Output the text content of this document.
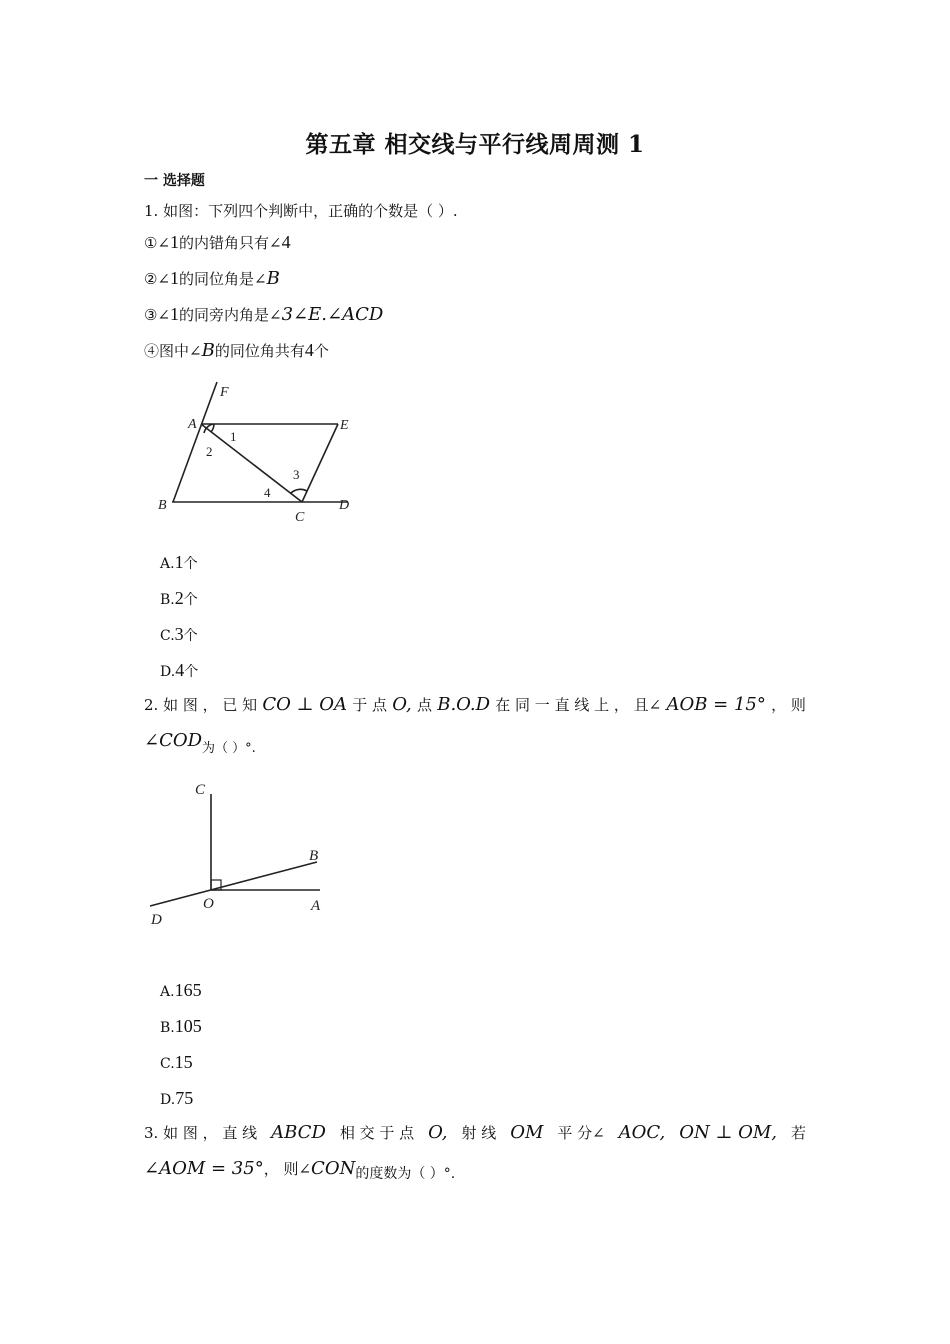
第五章 相交线与平行线周周测 1
一 选择题
1. 如图：下列四个判断中，正确的个数是（ ）.
①∠1的内错角只有∠4
②∠1的同位角是∠B
③∠1的同旁内角是∠3∠E.∠ACD
④图中∠B的同位角共有4个
F
A
1
E
2
3
4
B
C
D
A.1个
B.2个
C.3个
D.4个
2. 如 图 ， 已 知 CO ⊥ OA 于 点 O, 点 B.O.D 在 同 一 直 线 上 ， 且∠ AOB = 15° ， 则
∠COD为（ ）°.
C
B
O	A
D
A.165
B.105
C.15
D.75
3. 如 图 ， 直 线 ABCD 相 交 于 点 O, 射 线 OM 平 分∠ AOC, ON ⊥ OM, 若
∠AOM = 35°， 则∠CON的度数为（ ）°.
